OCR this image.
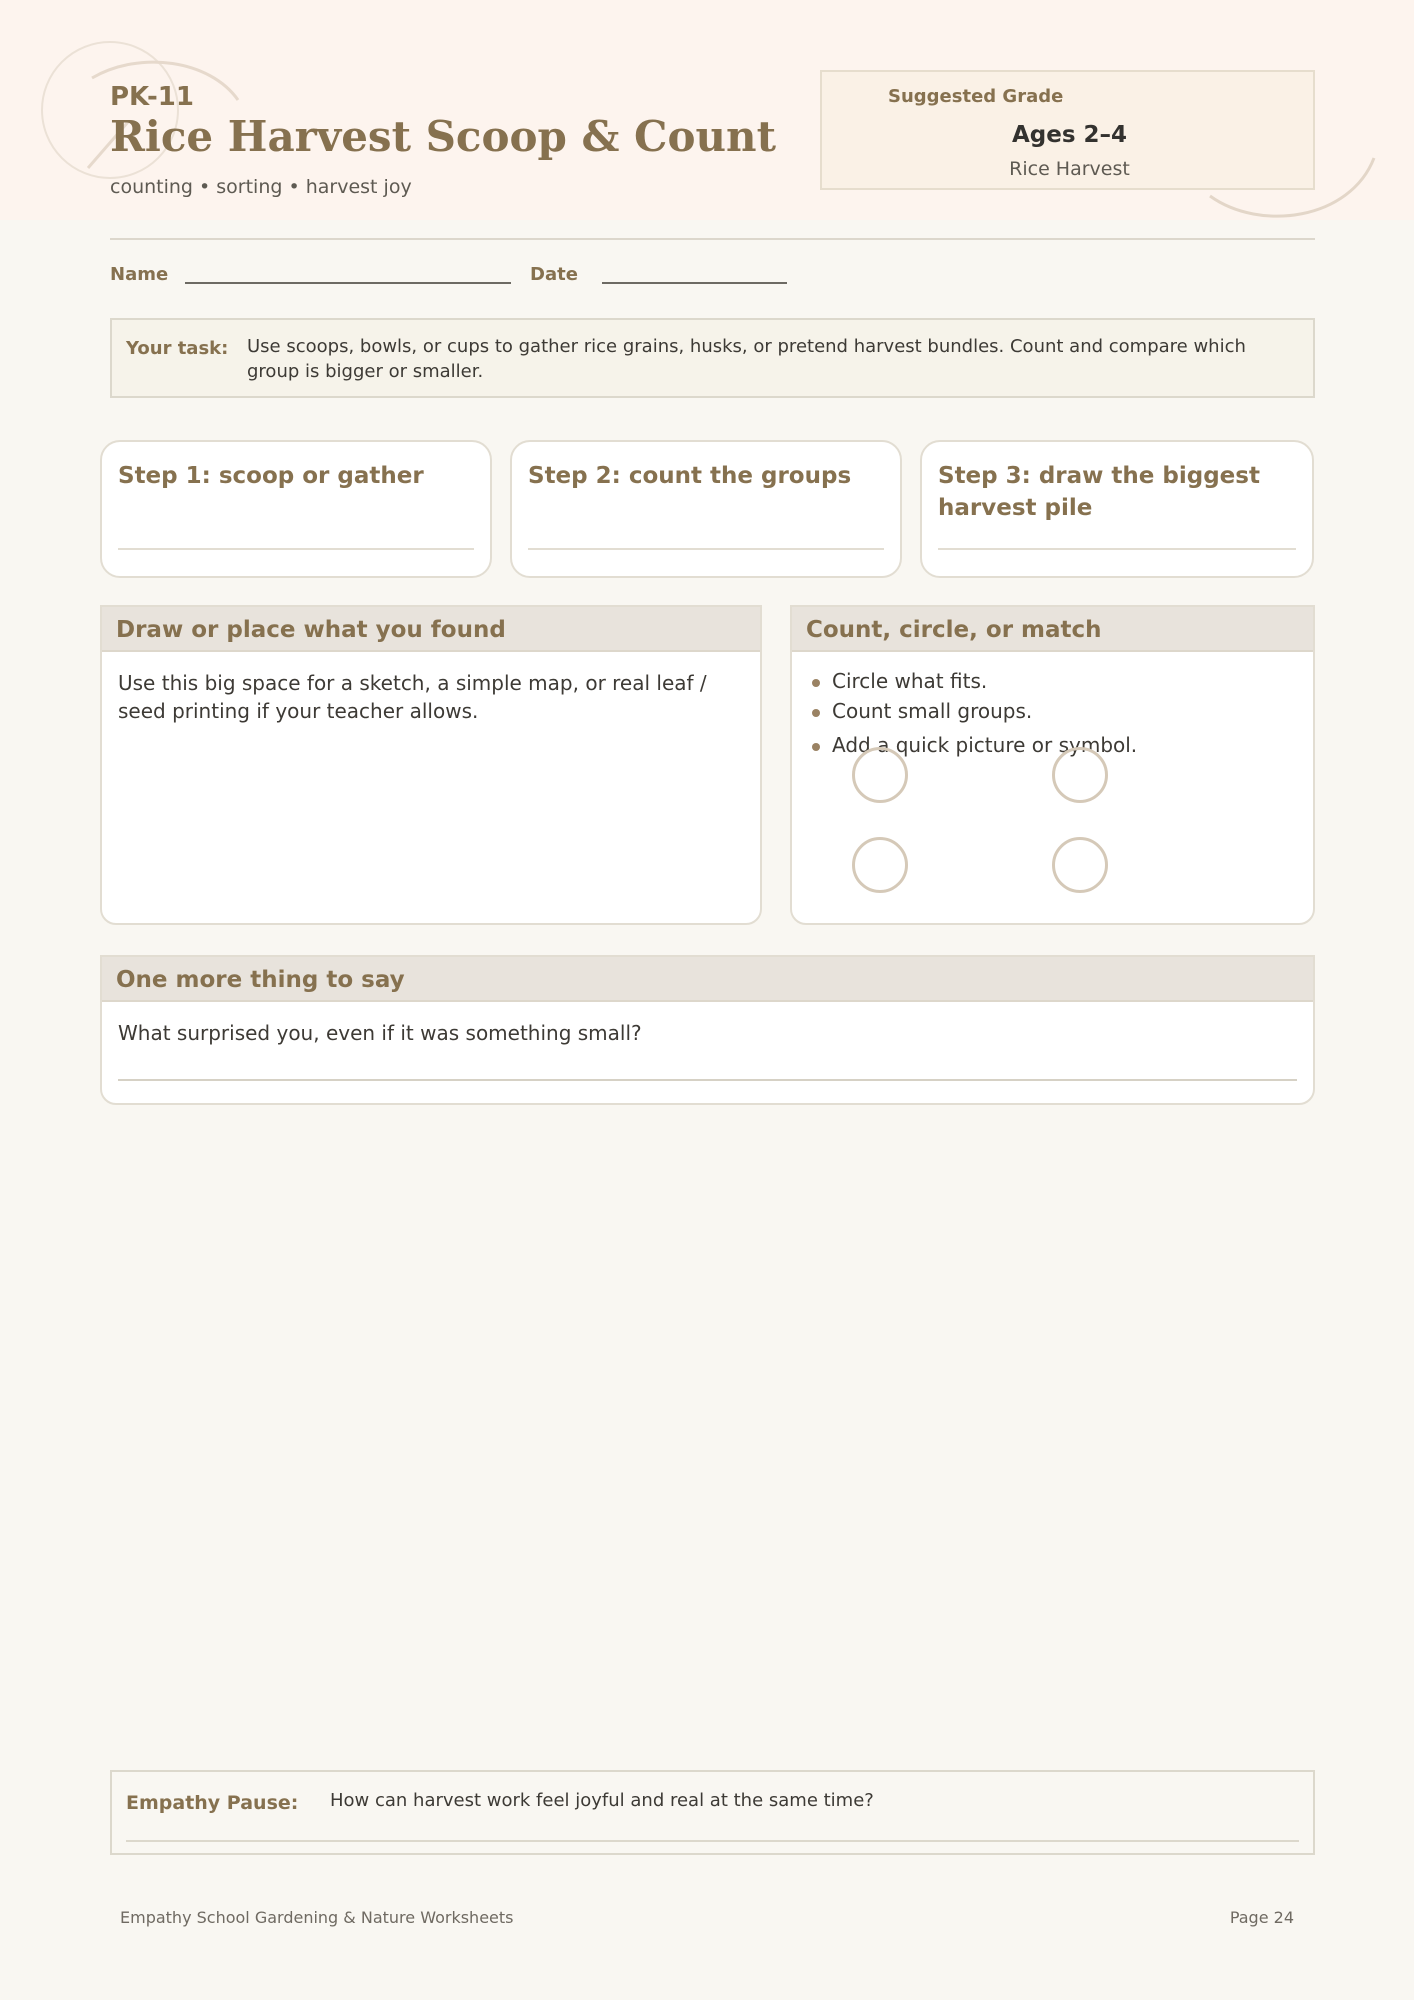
PK-11
Rice Harvest Scoop & Count
counting • sorting • harvest joy
Suggested Grade
Ages 2–4
Rice Harvest
Name	Date
Your task: Use scoops, bowls, or cups to gather rice grains, husks, or pretend harvest bundles. Count and compare which group is bigger or smaller.
Step 1: scoop or gather	Step 2: count the groups	Step 3: draw the biggest harvest pile
Draw or place what you found
Use this big space for a sketch, a simple map, or real leaf / seed printing if your teacher allows.
Count, circle, or match
Circle what fits.
Count small groups.
Add a quick picture or symbol.
One more thing to say
What surprised you, even if it was something small?
Empathy Pause: How can harvest work feel joyful and real at the same time?
Empathy School Gardening & Nature Worksheets	Page 24
